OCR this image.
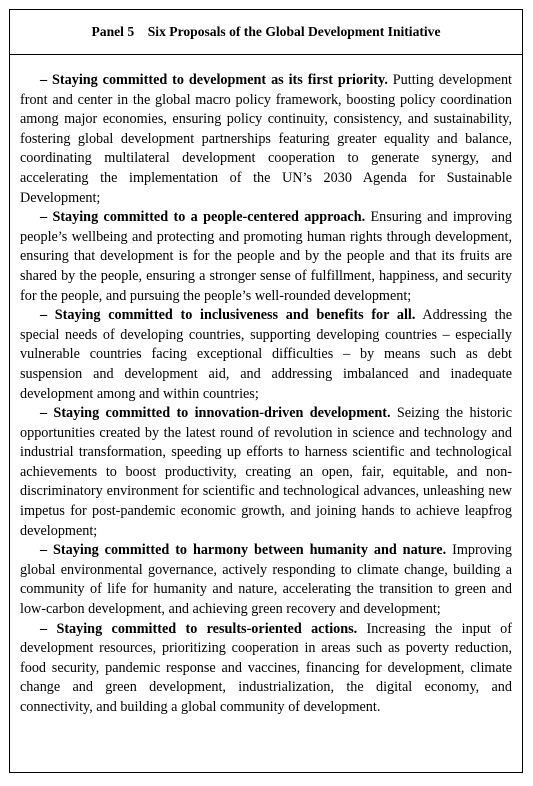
Panel 5    Six Proposals of the Global Development Initiative

– Staying committed to development as its first priority. Putting development front and center in the global macro policy framework, boosting policy coordination among major economies, ensuring policy continuity, consistency, and sustainability, fostering global development partnerships featuring greater equality and balance, coordinating multilateral development cooperation to generate synergy, and accelerating the implementation of the UN’s 2030 Agenda for Sustainable Development;

– Staying committed to a people-centered approach. Ensuring and improving people’s wellbeing and protecting and promoting human rights through development, ensuring that development is for the people and by the people and that its fruits are shared by the people, ensuring a stronger sense of fulfillment, happiness, and security for the people, and pursuing the people’s well-rounded development;

– Staying committed to inclusiveness and benefits for all. Addressing the special needs of developing countries, supporting developing countries – especially vulnerable countries facing exceptional difficulties – by means such as debt suspension and development aid, and addressing imbalanced and inadequate development among and within countries;

– Staying committed to innovation-driven development. Seizing the historic opportunities created by the latest round of revolution in science and technology and industrial transformation, speeding up efforts to harness scientific and technological achievements to boost productivity, creating an open, fair, equitable, and non-discriminatory environment for scientific and technological advances, unleashing new impetus for post-pandemic economic growth, and joining hands to achieve leapfrog development;

– Staying committed to harmony between humanity and nature. Improving global environmental governance, actively responding to climate change, building a community of life for humanity and nature, accelerating the transition to green and low-carbon development, and achieving green recovery and development;

– Staying committed to results-oriented actions. Increasing the input of development resources, prioritizing cooperation in areas such as poverty reduction, food security, pandemic response and vaccines, financing for development, climate change and green development, industrialization, the digital economy, and connectivity, and building a global community of development.
